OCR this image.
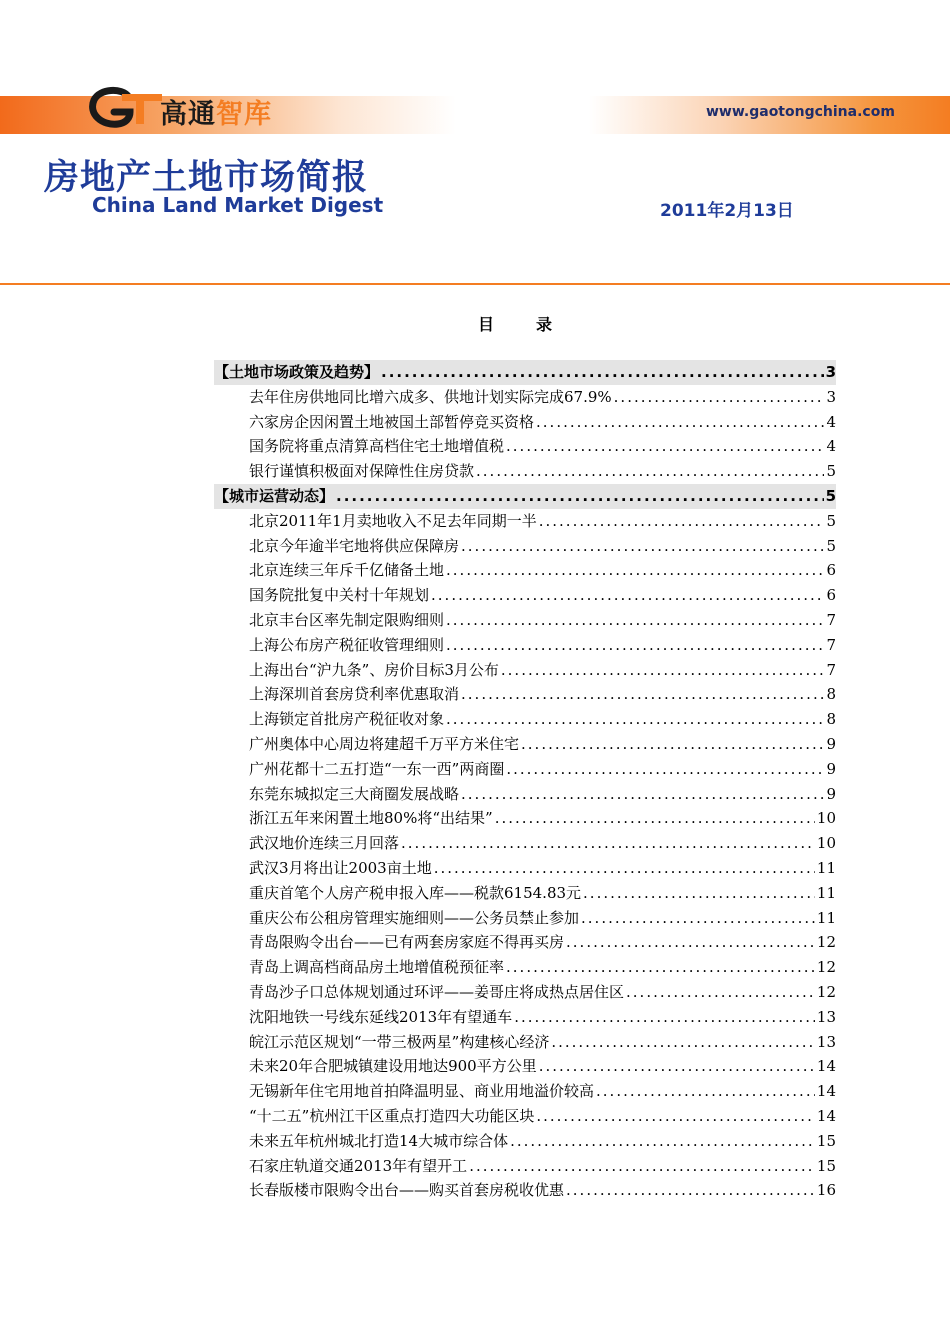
高通智库	www.gaotongchina.com
房地产土地市场简报
China Land Market Digest	2011年2月13日
目录
【土地市场政策及趋势】 .....	3
去年住房供地同比增六成多、供地计划实际完成67.9% .....	3
六家房企因闲置土地被国土部暂停竞买资格 .....	4
国务院将重点清算高档住宅土地增值税 .....	4
银行谨慎积极面对保障性住房贷款 .....	5
【城市运营动态】 .....	5
北京2011年1月卖地收入不足去年同期一半 .....	5
北京今年逾半宅地将供应保障房 .....	5
北京连续三年斥千亿储备土地 .....	6
国务院批复中关村十年规划 .....	6
北京丰台区率先制定限购细则 .....	7
上海公布房产税征收管理细则 .....	7
上海出台“沪九条”、房价目标3月公布 .....	7
上海深圳首套房贷利率优惠取消 .....	8
上海锁定首批房产税征收对象 .....	8
广州奥体中心周边将建超千万平方米住宅 .....	9
广州花都十二五打造“一东一西”两商圈 .....	9
东莞东城拟定三大商圈发展战略 .....	9
浙江五年来闲置土地80%将“出结果” .....	10
武汉地价连续三月回落 .....	10
武汉3月将出让2003亩土地 .....	11
重庆首笔个人房产税申报入库——税款6154.83元 .....	11
重庆公布公租房管理实施细则——公务员禁止参加 .....	11
青岛限购令出台——已有两套房家庭不得再买房 .....	12
青岛上调高档商品房土地增值税预征率 .....	12
青岛沙子口总体规划通过环评——姜哥庄将成热点居住区 .....	12
沈阳地铁一号线东延线2013年有望通车 .....	13
皖江示范区规划“一带三极两星”构建核心经济 .....	13
未来20年合肥城镇建设用地达900平方公里 .....	14
无锡新年住宅用地首拍降温明显、商业用地溢价较高 .....	14
“十二五”杭州江干区重点打造四大功能区块 .....	14
未来五年杭州城北打造14大城市综合体 .....	15
石家庄轨道交通2013年有望开工 .....	15
长春版楼市限购令出台——购买首套房税收优惠 .....	16
